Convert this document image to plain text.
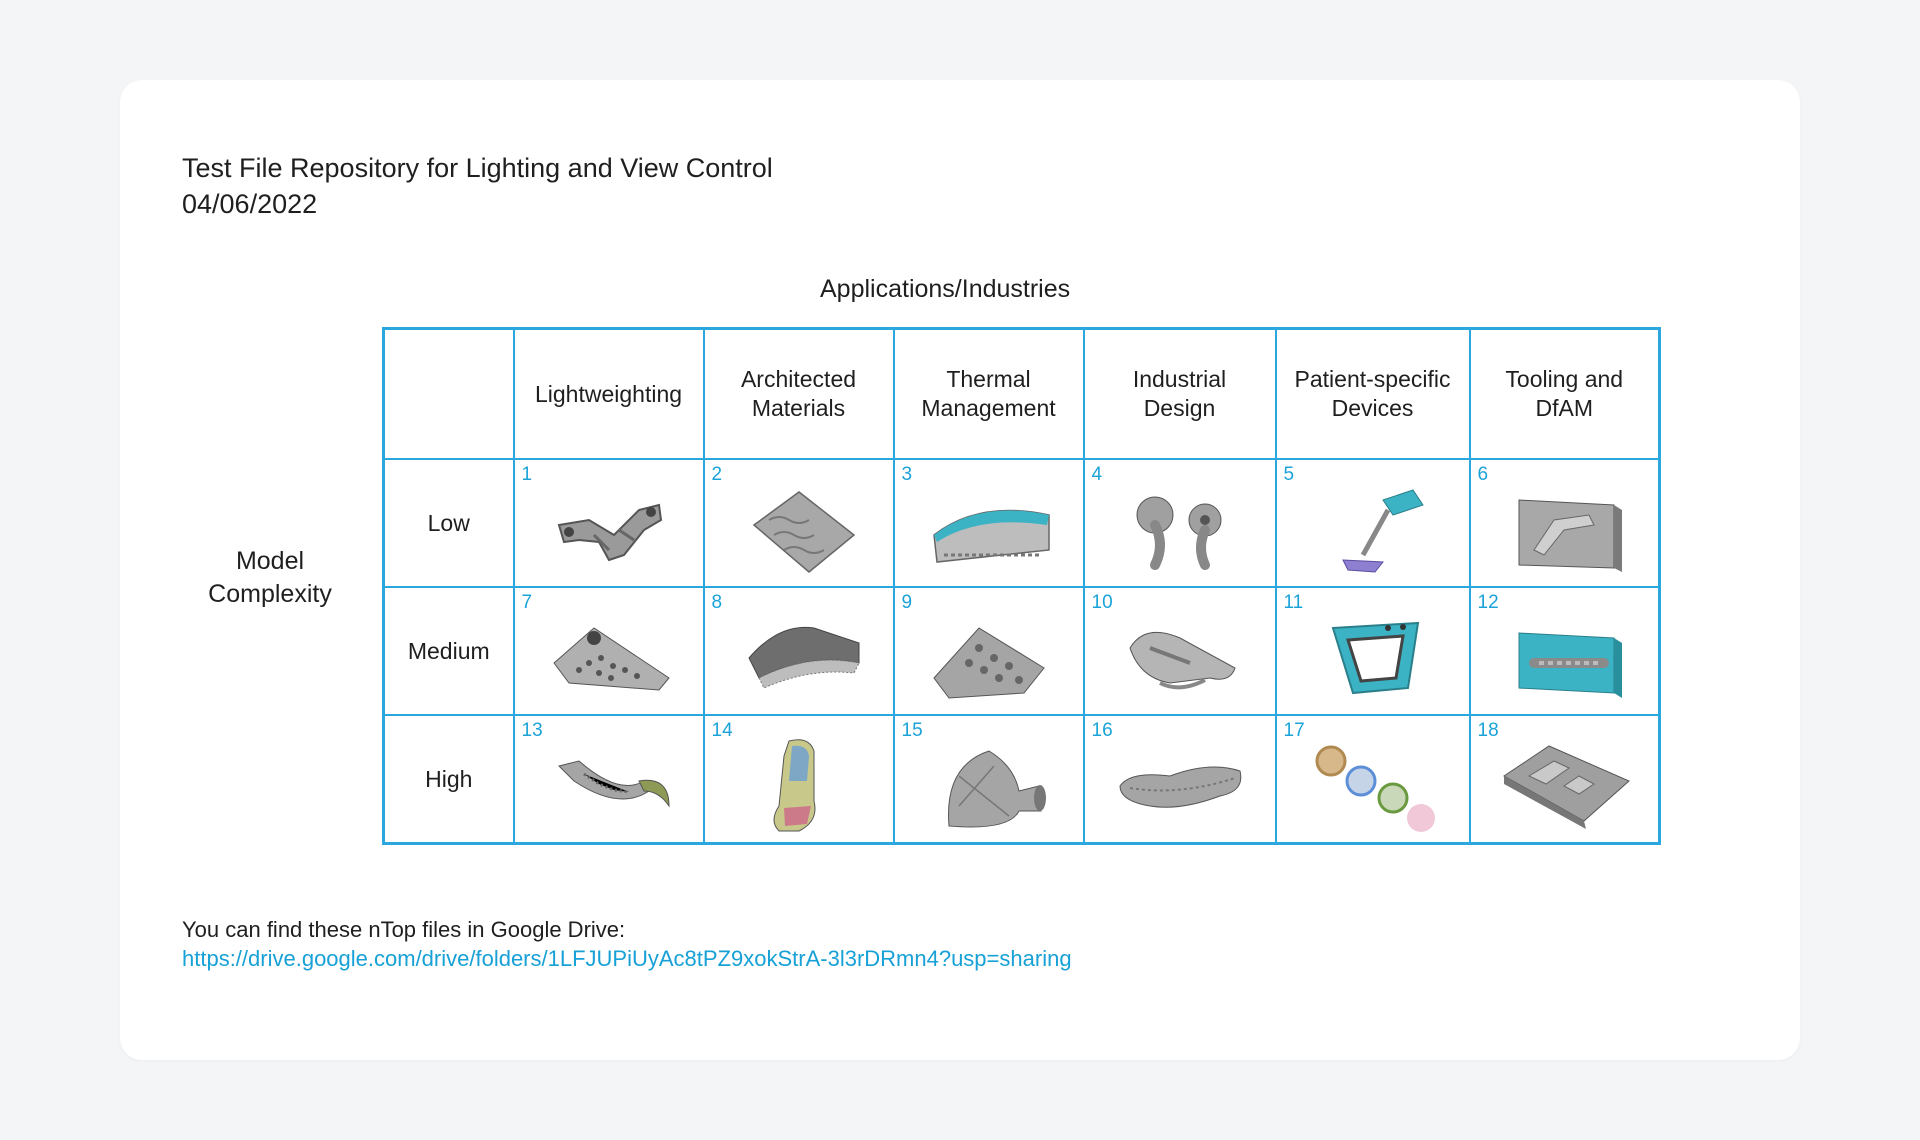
Test File Repository for Lighting and View Control
04/06/2022
Applications/Industries
Model Complexity
	Lightweighting	Architected Materials	Thermal Management	Industrial Design	Patient-specific Devices	Tooling and DfAM
Low	1	2	3	4	5	6

Medium	7	8	9	10	11	12

High	13	14	15	16	17	18
You can find these nTop files in Google Drive:
https://drive.google.com/drive/folders/1LFJUPiUyAc8tPZ9xokStrA-3l3rDRmn4?usp=sharing
